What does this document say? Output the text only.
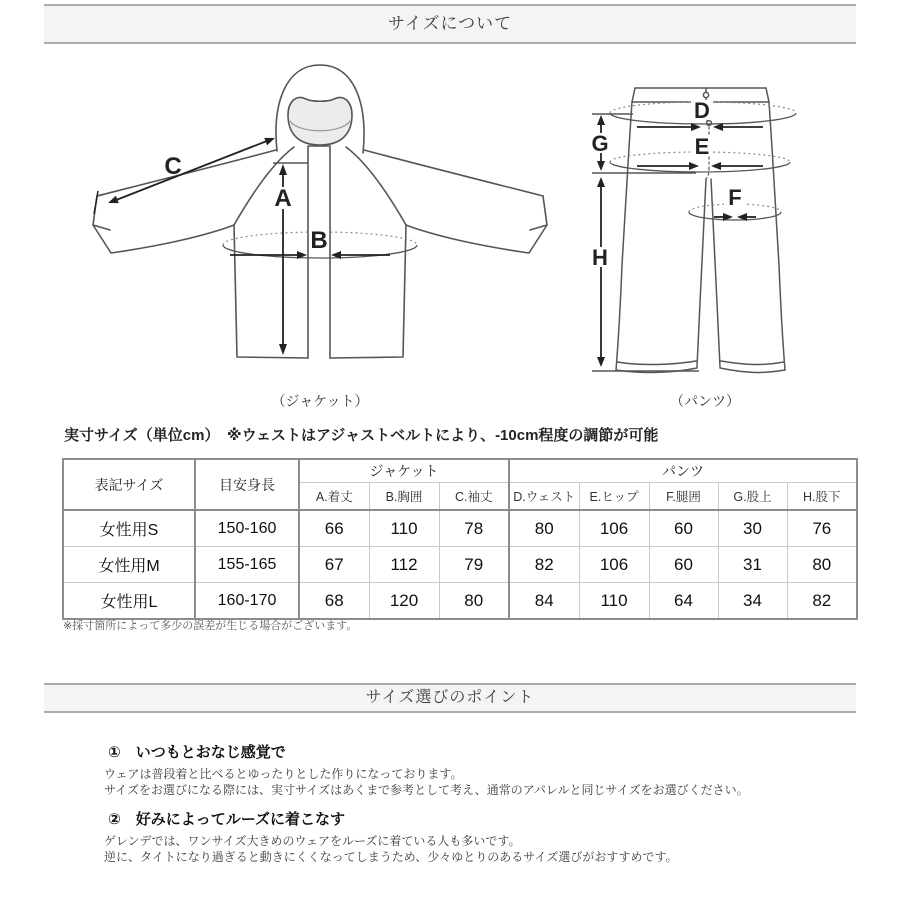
サイズについて
A
B
C
（ジャケット）
D
E
F
G
H
（パンツ）
実寸サイズ（単位cm）　※ウェストはアジャストベルトにより、-10cm程度の調節が可能
表記サイズ	目安身長	ジャケット			パンツ				
		A.着丈	B.胸囲	C.袖丈	D.ウェスト	E.ヒップ	F.腿囲	G.股上	H.股下
女性用S	150-160	66	110	78	80	106	60	30	76
女性用M	155-165	67	112	79	82	106	60	31	80
女性用L	160-170	68	120	80	84	110	64	34	82
※採寸箇所によって多少の誤差が生じる場合がございます。
サイズ選びのポイント
①　いつもとおなじ感覚で
ウェアは普段着と比べるとゆったりとした作りになっております。
サイズをお選びになる際には、実寸サイズはあくまで参考として考え、通常のアパレルと同じサイズをお選びください。
②　好みによってルーズに着こなす
ゲレンデでは、ワンサイズ大きめのウェアをルーズに着ている人も多いです。
逆に、タイトになり過ぎると動きにくくなってしまうため、少々ゆとりのあるサイズ選びがおすすめです。
